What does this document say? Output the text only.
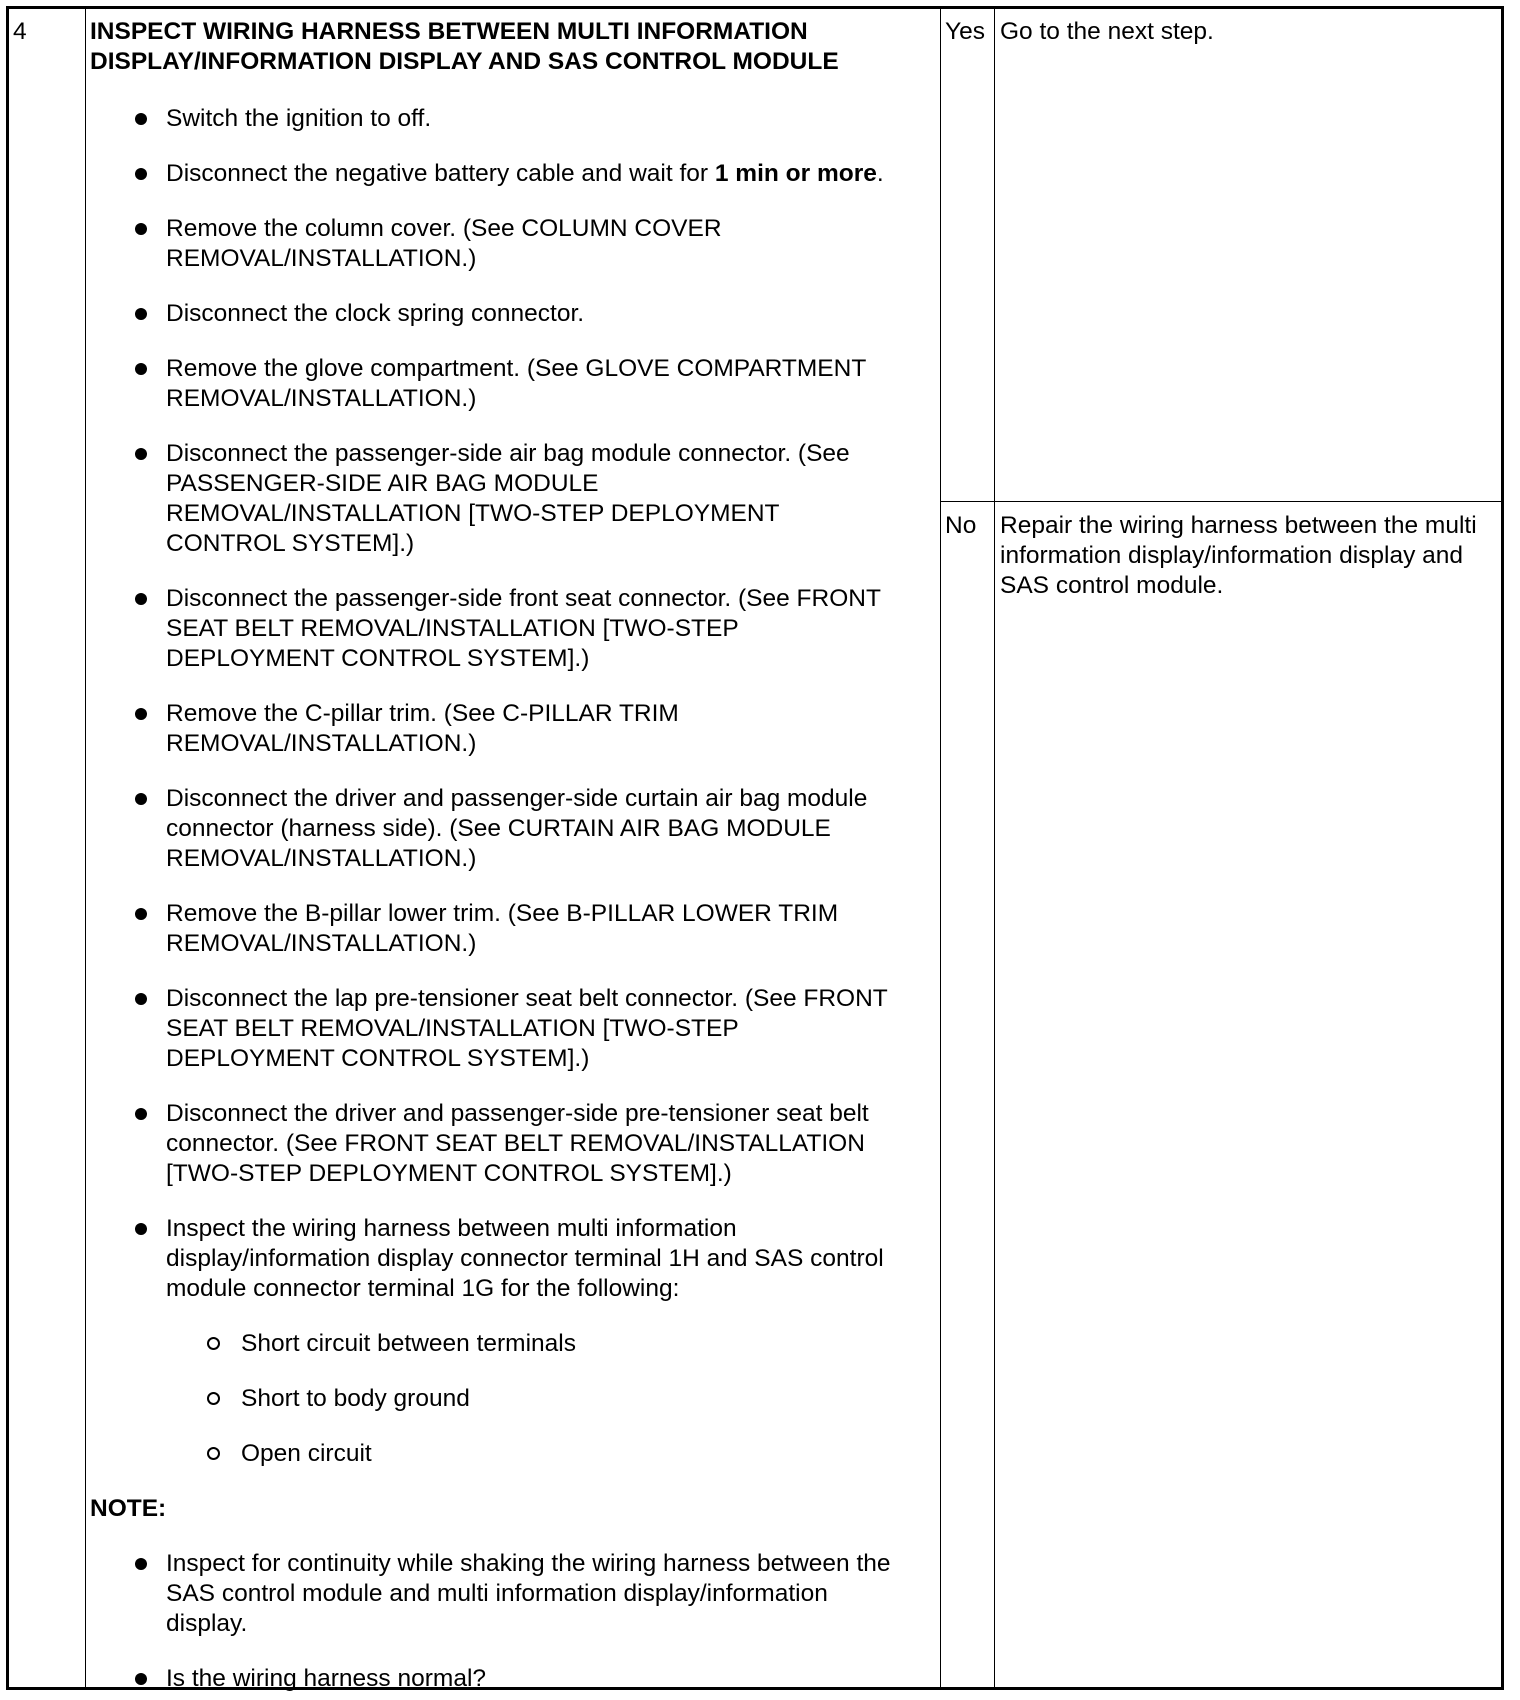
4	INSPECT WIRING HARNESS BETWEEN MULTI INFORMATION
DISPLAY/INFORMATION DISPLAY AND SAS CONTROL MODULE
Switch the ignition to off.
Disconnect the negative battery cable and wait for 1 min or more.
Remove the column cover. (See COLUMN COVER
REMOVAL/INSTALLATION.)
Disconnect the clock spring connector.
Remove the glove compartment. (See GLOVE COMPARTMENT
REMOVAL/INSTALLATION.)
Disconnect the passenger-side air bag module connector. (See
PASSENGER-SIDE AIR BAG MODULE
REMOVAL/INSTALLATION [TWO-STEP DEPLOYMENT
CONTROL SYSTEM].)
Disconnect the passenger-side front seat connector. (See FRONT
SEAT BELT REMOVAL/INSTALLATION [TWO-STEP
DEPLOYMENT CONTROL SYSTEM].)
Remove the C-pillar trim. (See C-PILLAR TRIM
REMOVAL/INSTALLATION.)
Disconnect the driver and passenger-side curtain air bag module
connector (harness side). (See CURTAIN AIR BAG MODULE
REMOVAL/INSTALLATION.)
Remove the B-pillar lower trim. (See B-PILLAR LOWER TRIM
REMOVAL/INSTALLATION.)
Disconnect the lap pre-tensioner seat belt connector. (See FRONT
SEAT BELT REMOVAL/INSTALLATION [TWO-STEP
DEPLOYMENT CONTROL SYSTEM].)
Disconnect the driver and passenger-side pre-tensioner seat belt
connector. (See FRONT SEAT BELT REMOVAL/INSTALLATION
[TWO-STEP DEPLOYMENT CONTROL SYSTEM].)
Inspect the wiring harness between multi information
display/information display connector terminal 1H and SAS control
module connector terminal 1G for the following:
Short circuit between terminals
Short to body ground
Open circuit
NOTE:
Inspect for continuity while shaking the wiring harness between the
SAS control module and multi information display/information
display.
Is the wiring harness normal?
Yes Go to the next step.
No Repair the wiring harness between the multi
information display/information display and
SAS control module.
